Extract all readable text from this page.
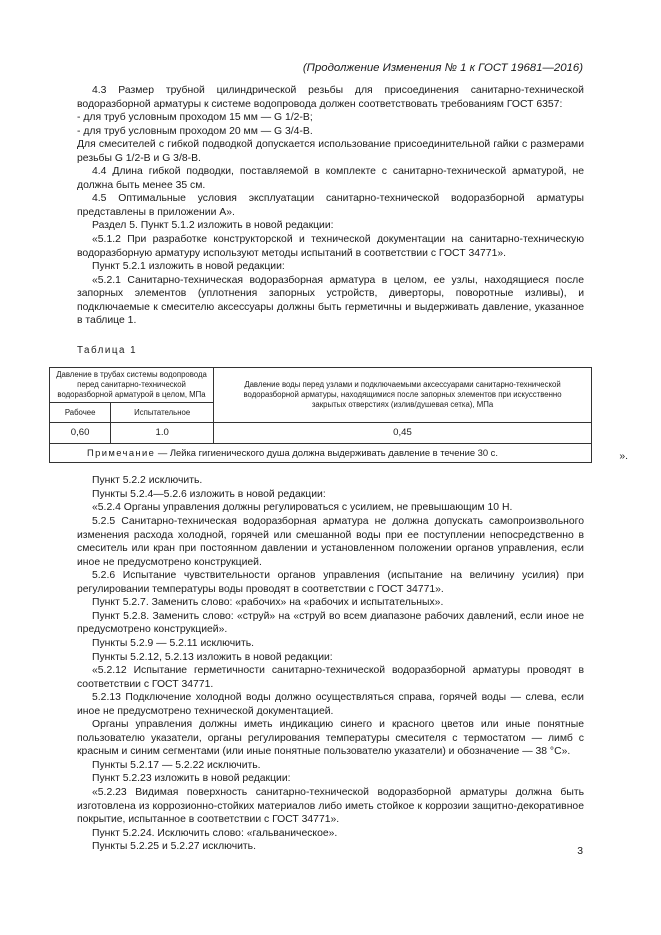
(Продолжение Изменения № 1 к ГОСТ 19681—2016)

4.3 Размер трубной цилиндрической резьбы для присоединения санитарно-технической водоразборной арматуры к системе водопровода должен соответствовать требованиям ГОСТ 6357:

- для труб условным проходом 15 мм — G 1/2-B;

- для труб условным проходом 20 мм — G 3/4-B.

Для смесителей с гибкой подводкой допускается использование присоединительной гайки с размерами резьбы G 1/2-B и G 3/8-B.

4.4 Длина гибкой подводки, поставляемой в комплекте с санитарно-технической арматурой, не должна быть менее 35 см.

4.5 Оптимальные условия эксплуатации санитарно-технической водоразборной арматуры представлены в приложении А».

Раздел 5. Пункт 5.1.2 изложить в новой редакции:

«5.1.2 При разработке конструкторской и технической документации на санитарно-техническую водоразборную арматуру используют методы испытаний в соответствии с ГОСТ 34771».

Пункт 5.2.1 изложить в новой редакции:

«5.2.1 Санитарно-техническая водоразборная арматура в целом, ее узлы, находящиеся после запорных элементов (уплотнения запорных устройств, диверторы, поворотные изливы), и подключаемые к смесителю аксессуары должны быть герметичны и выдерживать давление, указанное в таблице 1.

Таблица 1

Давление в трубах системы водопровода перед санитарно-технической водоразборной арматурой в целом, МПа		Давление воды перед узлами и подключаемыми аксессуарами санитарно-технической водоразборной арматуры, находящимися после запорных элементов при искусственно закрытых отверстиях (излив/душевая сетка), МПа
Рабочее	Испытательное	
0,60	1.0	0,45
Примечание — Лейка гигиенического душа должна выдерживать давление в течение 30 с.			».

Пункт 5.2.2 исключить.

Пункты 5.2.4—5.2.6 изложить в новой редакции:

«5.2.4 Органы управления должны регулироваться с усилием, не превышающим 10 Н.

5.2.5 Санитарно-техническая водоразборная арматура не должна допускать самопроизвольного изменения расхода холодной, горячей или смешанной воды при ее поступлении непосредственно в смеситель или кран при постоянном давлении и установленном положении органов управления, если иное не предусмотрено конструкцией.

5.2.6 Испытание чувствительности органов управления (испытание на величину усилия) при регулировании температуры воды проводят в соответствии с ГОСТ 34771».

Пункт 5.2.7. Заменить слово: «рабочих» на «рабочих и испытательных».

Пункт 5.2.8. Заменить слово: «струй» на «струй во всем диапазоне рабочих давлений, если иное не предусмотрено конструкцией».

Пункты 5.2.9 — 5.2.11 исключить.

Пункты 5.2.12, 5.2.13 изложить в новой редакции:

«5.2.12 Испытание герметичности санитарно-технической водоразборной арматуры проводят в соответствии с ГОСТ 34771.

5.2.13 Подключение холодной воды должно осуществляться справа, горячей воды — слева, если иное не предусмотрено технической документацией.

Органы управления должны иметь индикацию синего и красного цветов или иные понятные пользователю указатели, органы регулирования температуры смесителя с термостатом — лимб с красным и синим сегментами (или иные понятные пользователю указатели) и обозначение — 38 °С».

Пункты 5.2.17 — 5.2.22 исключить.

Пункт 5.2.23 изложить в новой редакции:

«5.2.23 Видимая поверхность санитарно-технической водоразборной арматуры должна быть изготовлена из коррозионно-стойких материалов либо иметь стойкое к коррозии защитно-декоративное покрытие, испытанное в соответствии с ГОСТ 34771».

Пункт 5.2.24. Исключить слово: «гальваническое».

Пункты 5.2.25 и 5.2.27 исключить.	3
